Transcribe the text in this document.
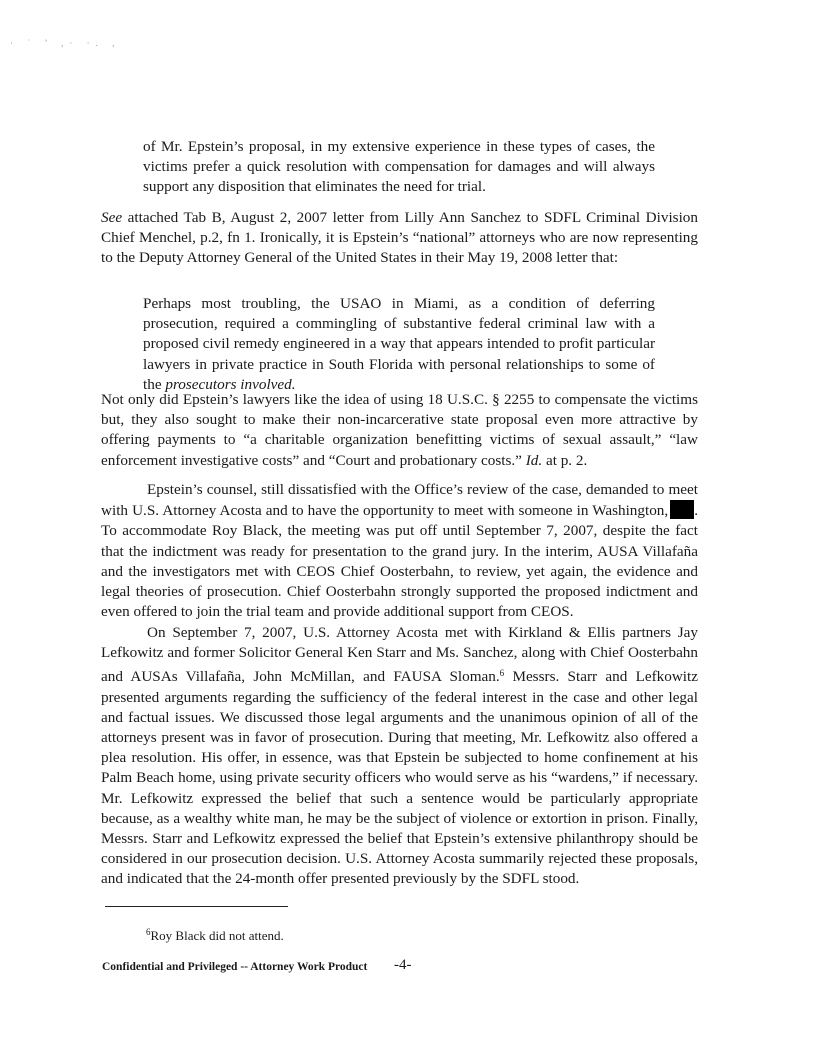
· ˙ ’ ,· ·. ,

of Mr. Epstein’s proposal, in my extensive experience in these types of cases, the victims prefer a quick resolution with compensation for damages and will always support any disposition that eliminates the need for trial.

See attached Tab B, August 2, 2007 letter from Lilly Ann Sanchez to SDFL Criminal Division Chief Menchel, p.2, fn 1. Ironically, it is Epstein’s “national” attorneys who are now representing to the Deputy Attorney General of the United States in their May 19, 2008 letter that:

Perhaps most troubling, the USAO in Miami, as a condition of deferring prosecution, required a commingling of substantive federal criminal law with a proposed civil remedy engineered in a way that appears intended to profit particular lawyers in private practice in South Florida with personal relationships to some of the prosecutors involved.

Not only did Epstein’s lawyers like the idea of using 18 U.S.C. § 2255 to compensate the victims but, they also sought to make their non-incarcerative state proposal even more attractive by offering payments to “a charitable organization benefitting victims of sexual assault,” “law enforcement investigative costs” and “Court and probationary costs.” Id. at p. 2.

Epstein’s counsel, still dissatisfied with the Office’s review of the case, demanded to meet with U.S. Attorney Acosta and to have the opportunity to meet with someone in Washington, . To accommodate Roy Black, the meeting was put off until September 7, 2007, despite the fact that the indictment was ready for presentation to the grand jury. In the interim, AUSA Villafaña and the investigators met with CEOS Chief Oosterbahn, to review, yet again, the evidence and legal theories of prosecution. Chief Oosterbahn strongly supported the proposed indictment and even offered to join the trial team and provide additional support from CEOS.

On September 7, 2007, U.S. Attorney Acosta met with Kirkland & Ellis partners Jay Lefkowitz and former Solicitor General Ken Starr and Ms. Sanchez, along with Chief Oosterbahn and AUSAs Villafaña, John McMillan, and FAUSA Sloman.$^6$ Messrs. Starr and Lefkowitz presented arguments regarding the sufficiency of the federal interest in the case and other legal and factual issues. We discussed those legal arguments and the unanimous opinion of all of the attorneys present was in favor of prosecution. During that meeting, Mr. Lefkowitz also offered a plea resolution. His offer, in essence, was that Epstein be subjected to home confinement at his Palm Beach home, using private security officers who would serve as his “wardens,” if necessary. Mr. Lefkowitz expressed the belief that such a sentence would be particularly appropriate because, as a wealthy white man, he may be the subject of violence or extortion in prison. Finally, Messrs. Starr and Lefkowitz expressed the belief that Epstein’s extensive philanthropy should be considered in our prosecution decision. U.S. Attorney Acosta summarily rejected these proposals, and indicated that the 24-month offer presented previously by the SDFL stood.

$^6$Roy Black did not attend.

Confidential and Privileged -- Attorney Work Product -4-
